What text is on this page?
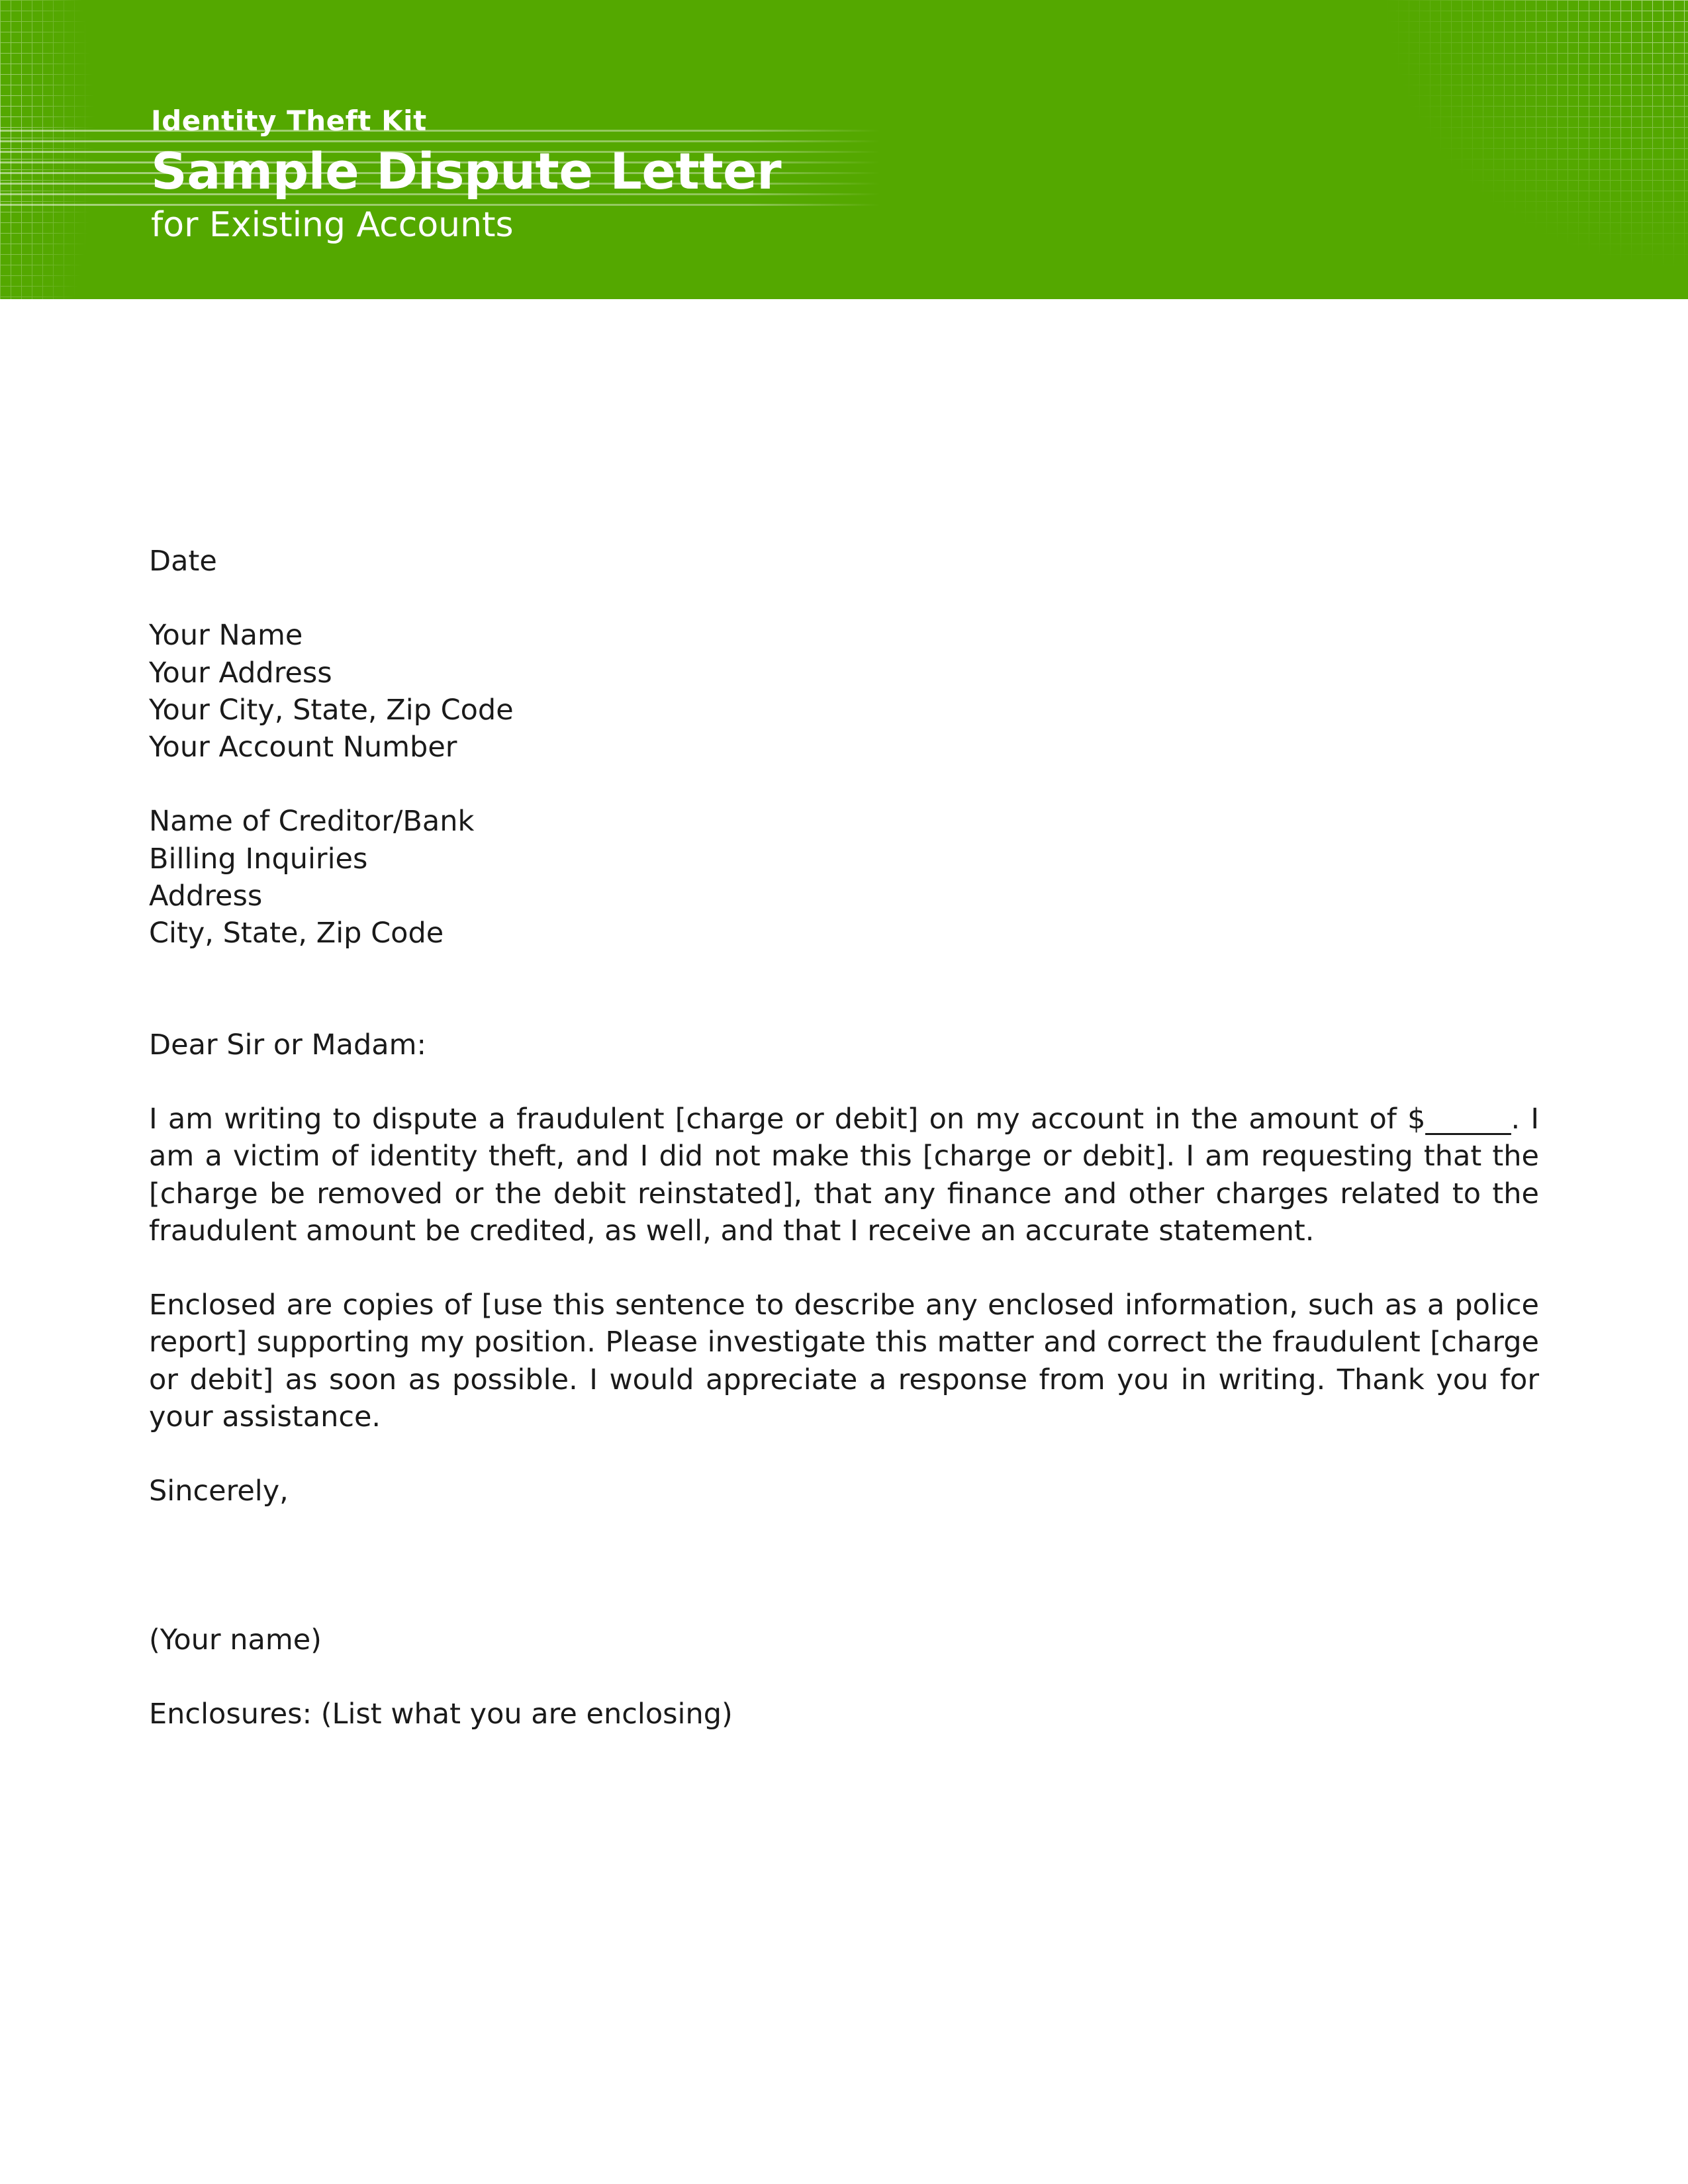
Identity Theft Kit
Sample Dispute Letter
for Existing Accounts
Date
Your Name
Your Address
Your City, State, Zip Code
Your Account Number
Name of Creditor/Bank
Billing Inquiries
Address
City, State, Zip Code
Dear Sir or Madam:
I am writing to dispute a fraudulent [charge or debit] on my account in the amount of $______. I am a victim of identity theft, and I did not make this [charge or debit]. I am requesting that the [charge be removed or the debit reinstated], that any finance and other charges related to the fraudulent amount be credited, as well, and that I receive an accurate statement.
Enclosed are copies of [use this sentence to describe any enclosed information, such as a police report] supporting my position. Please investigate this matter and correct the fraudulent [charge or debit] as soon as possible. I would appreciate a response from you in writing. Thank you for your assistance.
Sincerely,
(Your name)
Enclosures: (List what you are enclosing)
